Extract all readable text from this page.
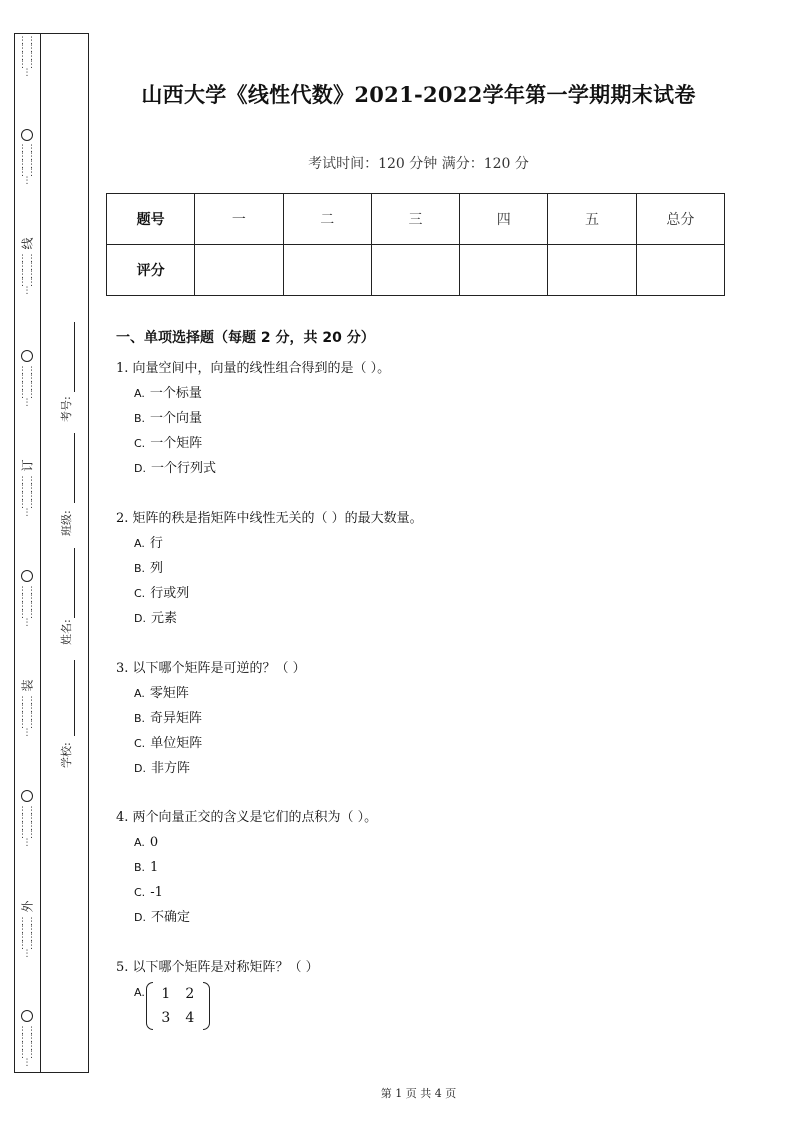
⋮⋮⋮⋮⋮⋮⋮⋮⋮
⋮⋮⋮⋮⋮⋮⋮⋮⋮
线
⋮⋮⋮⋮⋮⋮⋮⋮⋮
⋮⋮⋮⋮⋮⋮⋮⋮⋮
订
⋮⋮⋮⋮⋮⋮⋮⋮⋮
⋮⋮⋮⋮⋮⋮⋮⋮⋮
装
⋮⋮⋮⋮⋮⋮⋮⋮⋮
⋮⋮⋮⋮⋮⋮⋮⋮⋮
外
⋮⋮⋮⋮⋮⋮⋮⋮⋮
⋮⋮⋮⋮⋮⋮⋮⋮⋮
考号:
班级:
姓名:
学校:
山西大学《线性代数》2021-2022学年第一学期期末试卷
考试时间：120 分钟 满分：120 分
题号	一	二	三	四	五	总分
评分						
一、单项选择题（每题 2 分，共 20 分）
1. 向量空间中，向量的线性组合得到的是（ ）。
A. 一个标量
B. 一个向量
C. 一个矩阵
D. 一个行列式
2. 矩阵的秩是指矩阵中线性无关的（ ）的最大数量。
A. 行
B. 列
C. 行或列
D. 元素
3. 以下哪个矩阵是可逆的？（ ）
A. 零矩阵
B. 奇异矩阵
C. 单位矩阵
D. 非方阵
4. 两个向量正交的含义是它们的点积为（ ）。
A. 0
B. 1
C. -1
D. 不确定
5. 以下哪个矩阵是对称矩阵？（ ）
A.	1	2
3	4
第 1 页 共 4 页
